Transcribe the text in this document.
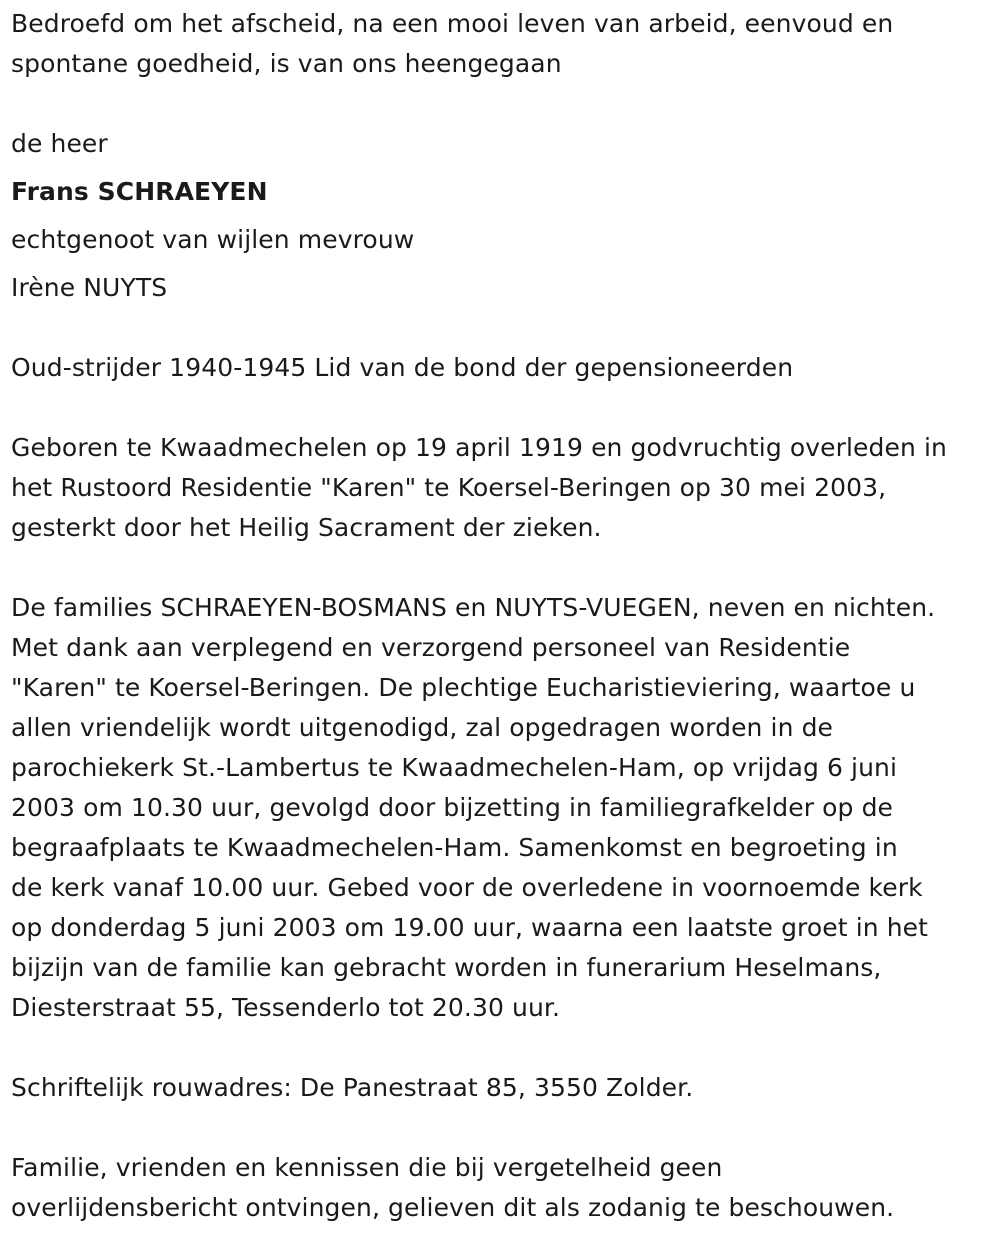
Bedroefd om het afscheid, na een mooi leven van arbeid, eenvoud en
spontane goedheid, is van ons heengegaan

de heer

Frans SCHRAEYEN

echtgenoot van wijlen mevrouw

Irène NUYTS

Oud-strijder 1940-1945 Lid van de bond der gepensioneerden

Geboren te Kwaadmechelen op 19 april 1919 en godvruchtig overleden in
het Rustoord Residentie "Karen" te Koersel-Beringen op 30 mei 2003,
gesterkt door het Heilig Sacrament der zieken.

De families SCHRAEYEN-BOSMANS en NUYTS-VUEGEN, neven en nichten.
Met dank aan verplegend en verzorgend personeel van Residentie
"Karen" te Koersel-Beringen. De plechtige Eucharistieviering, waartoe u
allen vriendelijk wordt uitgenodigd, zal opgedragen worden in de
parochiekerk St.-Lambertus te Kwaadmechelen-Ham, op vrijdag 6 juni
2003 om 10.30 uur, gevolgd door bijzetting in familiegrafkelder op de
begraafplaats te Kwaadmechelen-Ham. Samenkomst en begroeting in
de kerk vanaf 10.00 uur. Gebed voor de overledene in voornoemde kerk
op donderdag 5 juni 2003 om 19.00 uur, waarna een laatste groet in het
bijzijn van de familie kan gebracht worden in funerarium Heselmans,
Diesterstraat 55, Tessenderlo tot 20.30 uur.

Schriftelijk rouwadres: De Panestraat 85, 3550 Zolder.

Familie, vrienden en kennissen die bij vergetelheid geen
overlijdensbericht ontvingen, gelieven dit als zodanig te beschouwen.
